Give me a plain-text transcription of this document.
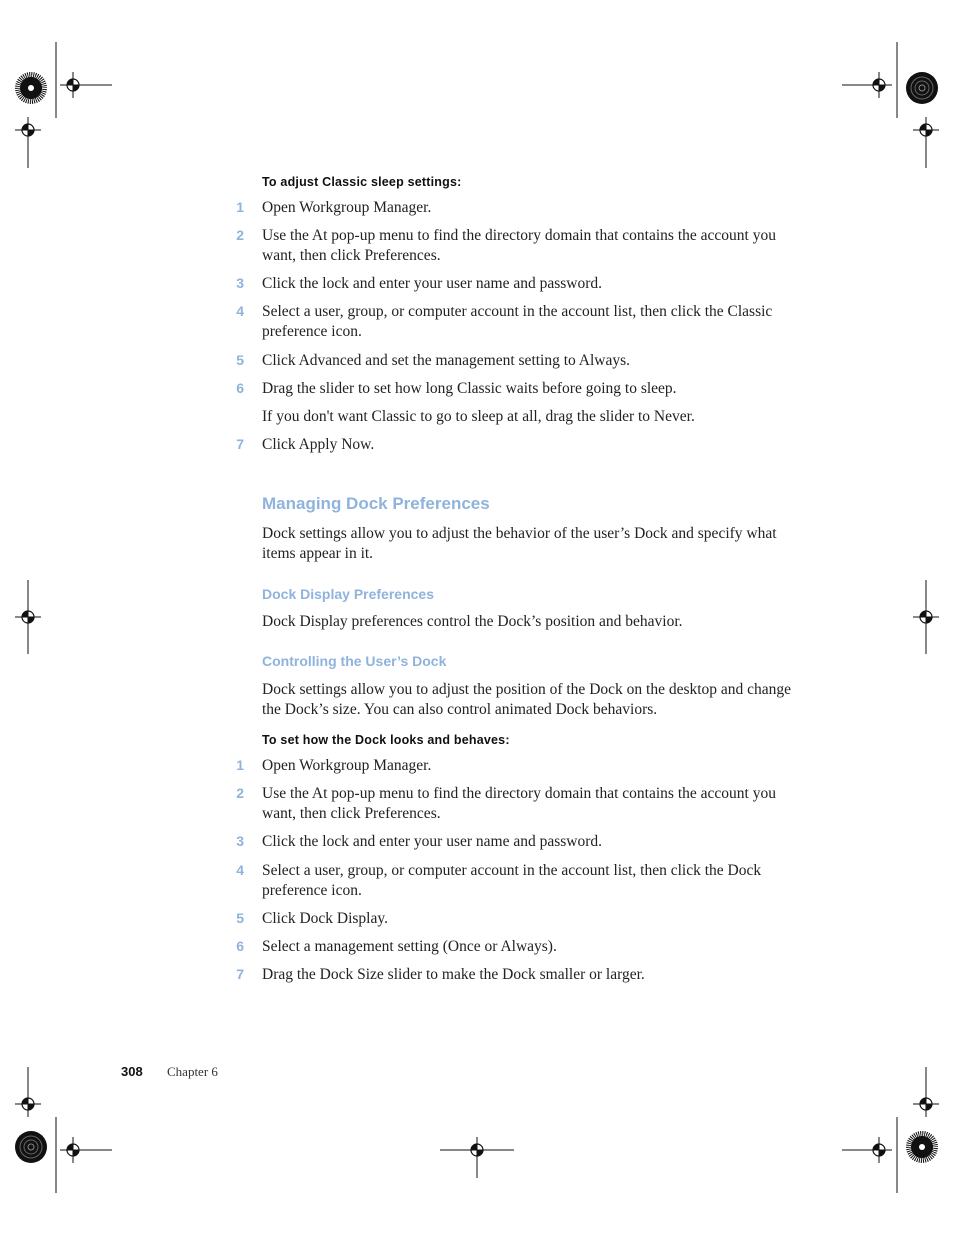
To adjust Classic sleep settings:
1 Open Workgroup Manager.
2 Use the At pop-up menu to find the directory domain that contains the account you want, then click Preferences.
3 Click the lock and enter your user name and password.
4 Select a user, group, or computer account in the account list, then click the Classic preference icon.
5 Click Advanced and set the management setting to Always.
6 Drag the slider to set how long Classic waits before going to sleep.
If you don't want Classic to go to sleep at all, drag the slider to Never.
7 Click Apply Now.
Managing Dock Preferences
Dock settings allow you to adjust the behavior of the user’s Dock and specify what items appear in it.
Dock Display Preferences
Dock Display preferences control the Dock’s position and behavior.
Controlling the User’s Dock
Dock settings allow you to adjust the position of the Dock on the desktop and change the Dock’s size. You can also control animated Dock behaviors.
To set how the Dock looks and behaves:
1 Open Workgroup Manager.
2 Use the At pop-up menu to find the directory domain that contains the account you want, then click Preferences.
3 Click the lock and enter your user name and password.
4 Select a user, group, or computer account in the account list, then click the Dock preference icon.
5 Click Dock Display.
6 Select a management setting (Once or Always).
7 Drag the Dock Size slider to make the Dock smaller or larger.
308 Chapter 6
